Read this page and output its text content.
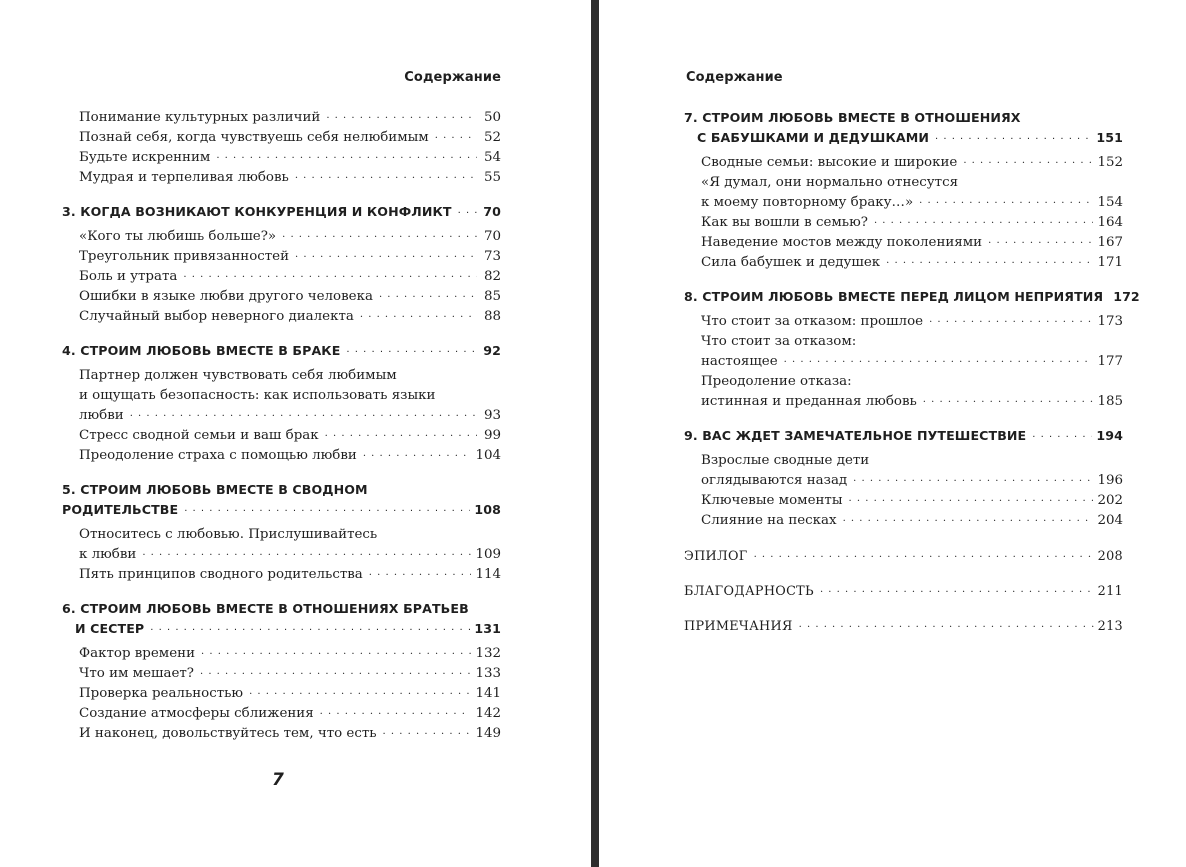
Содержание
Понимание культурных различий . . .	50
Познай себя, когда чувствуешь себя нелюбимым . . .	52
Будьте искренним . . .	54
Мудрая и терпеливая любовь . . .	55
3. КОГДА ВОЗНИКАЮТ КОНКУРЕНЦИЯ И КОНФЛИКТ . . .	70
«Кого ты любишь больше?» . . .	70
Треугольник привязанностей . . .	73
Боль и утрата . . .	82
Ошибки в языке любви другого человека . . .	85
Случайный выбор неверного диалекта . . .	88
4. СТРОИМ ЛЮБОВЬ ВМЕСТЕ В БРАКЕ . . .	92
Партнер должен чувствовать себя любимым
и ощущать безопасность: как использовать языки
любви . . .	93
Стресс сводной семьи и ваш брак . . .	99
Преодоление страха с помощью любви . . .	104
5. СТРОИМ ЛЮБОВЬ ВМЕСТЕ В СВОДНОМ
РОДИТЕЛЬСТВЕ . . .	108
Относитесь с любовью. Прислушивайтесь
к любви . . .	109
Пять принципов сводного родительства . . .	114
6. СТРОИМ ЛЮБОВЬ ВМЕСТЕ В ОТНОШЕНИЯХ БРАТЬЕВ
И СЕСТЕР . . .	131
Фактор времени . . .	132
Что им мешает? . . .	133
Проверка реальностью . . .	141
Создание атмосферы сближения . . .	142
И наконец, довольствуйтесь тем, что есть . . .	149
7
Содержание
7. СТРОИМ ЛЮБОВЬ ВМЕСТЕ В ОТНОШЕНИЯХ
С БАБУШКАМИ И ДЕДУШКАМИ . . .	151
Сводные семьи: высокие и широкие . . .	152
«Я думал, они нормально отнесутся
к моему повторному браку…» . . .	154
Как вы вошли в семью? . . .	164
Наведение мостов между поколениями . . .	167
Сила бабушек и дедушек . . .	171
8. СТРОИМ ЛЮБОВЬ ВМЕСТЕ ПЕРЕД ЛИЦОМ НЕПРИЯТИЯ 172
Что стоит за отказом: прошлое . . .	173
Что стоит за отказом:
настоящее . . .	177
Преодоление отказа:
истинная и преданная любовь . . .	185
9. ВАС ЖДЕТ ЗАМЕЧАТЕЛЬНОЕ ПУТЕШЕСТВИЕ . . .	194
Взрослые сводные дети
оглядываются назад . . .	196
Ключевые моменты . . .	202
Слияние на песках . . .	204
ЭПИЛОГ . . .	208
БЛАГОДАРНОСТЬ . . .	211
ПРИМЕЧАНИЯ . . .	213
